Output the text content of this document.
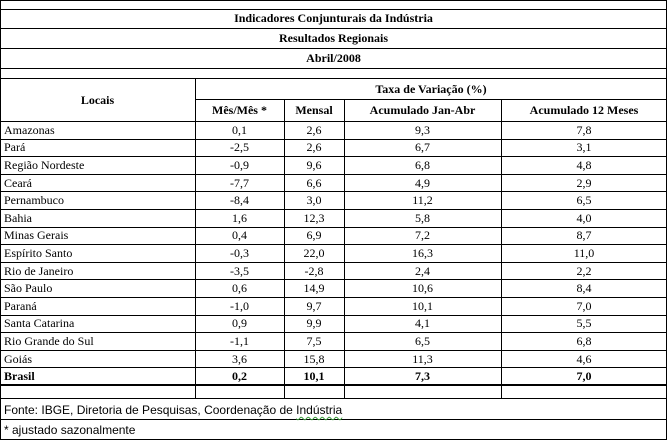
Indicadores Conjunturais da Indústria
Resultados Regionais
Abril/2008
Locais
Taxa de Variação (%)
Mês/Mês *	Mensal	Acumulado Jan-Abr	Acumulado 12 Meses
Amazonas	0,1	2,6	9,3	7,8
Pará	-2,5	2,6	6,7	3,1
Região Nordeste	-0,9	9,6	6,8	4,8
Ceará	-7,7	6,6	4,9	2,9
Pernambuco	-8,4	3,0	11,2	6,5
Bahia	1,6	12,3	5,8	4,0
Minas Gerais	0,4	6,9	7,2	8,7
Espírito Santo	-0,3	22,0	16,3	11,0
Rio de Janeiro	-3,5	-2,8	2,4	2,2
São Paulo	0,6	14,9	10,6	8,4
Paraná	-1,0	9,7	10,1	7,0
Santa Catarina	0,9	9,9	4,1	5,5
Rio Grande do Sul	-1,1	7,5	6,5	6,8
Goiás	3,6	15,8	11,3	4,6
Brasil	0,2	10,1	7,3	7,0
Fonte: IBGE, Diretoria de Pesquisas, Coordenação de Indústria
* ajustado sazonalmente
